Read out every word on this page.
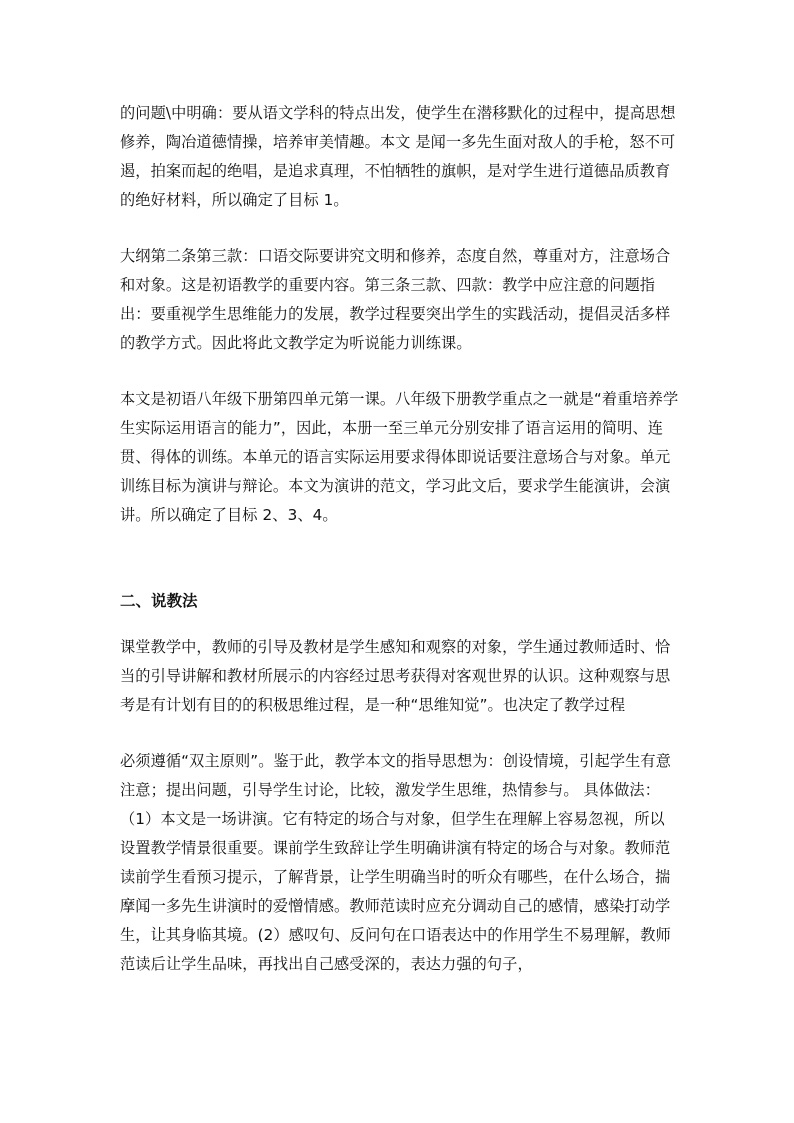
的问题\中明确：要从语文学科的特点出发，使学生在潜移默化的过程中，提高思想修养，陶冶道德情操，培养审美情趣。本文 是闻一多先生面对敌人的手枪，怒不可遏，拍案而起的绝唱，是追求真理，不怕牺牲的旗帜，是对学生进行道德品质教育的绝好材料，所以确定了目标 1。

大纲第二条第三款：口语交际要讲究文明和修养，态度自然，尊重对方，注意场合和对象。这是初语教学的重要内容。第三条三款、四款：教学中应注意的问题指出：要重视学生思维能力的发展，教学过程要突出学生的实践活动，提倡灵活多样的教学方式。因此将此文教学定为听说能力训练课。

本文是初语八年级下册第四单元第一课。八年级下册教学重点之一就是“着重培养学生实际运用语言的能力”，因此，本册一至三单元分别安排了语言运用的简明、连贯、得体的训练。本单元的语言实际运用要求得体即说话要注意场合与对象。单元训练目标为演讲与辩论。本文为演讲的范文，学习此文后，要求学生能演讲，会演讲。所以确定了目标 2、3、4。

二、说教法

课堂教学中，教师的引导及教材是学生感知和观察的对象，学生通过教师适时、恰当的引导讲解和教材所展示的内容经过思考获得对客观世界的认识。这种观察与思考是有计划有目的的积极思维过程，是一种“思维知觉”。也决定了教学过程

必须遵循“双主原则”。鉴于此，教学本文的指导思想为：创设情境，引起学生有意注意；提出问题，引导学生讨论，比较，激发学生思维，热情参与。 具体做法：（1）本文是一场讲演。它有特定的场合与对象，但学生在理解上容易忽视，所以设置教学情景很重要。课前学生致辞让学生明确讲演有特定的场合与对象。教师范读前学生看预习提示，了解背景，让学生明确当时的听众有哪些，在什么场合，揣摩闻一多先生讲演时的爱憎情感。教师范读时应充分调动自己的感情，感染打动学生，让其身临其境。(2）感叹句、反问句在口语表达中的作用学生不易理解，教师范读后让学生品味，再找出自己感受深的，表达力强的句子，
